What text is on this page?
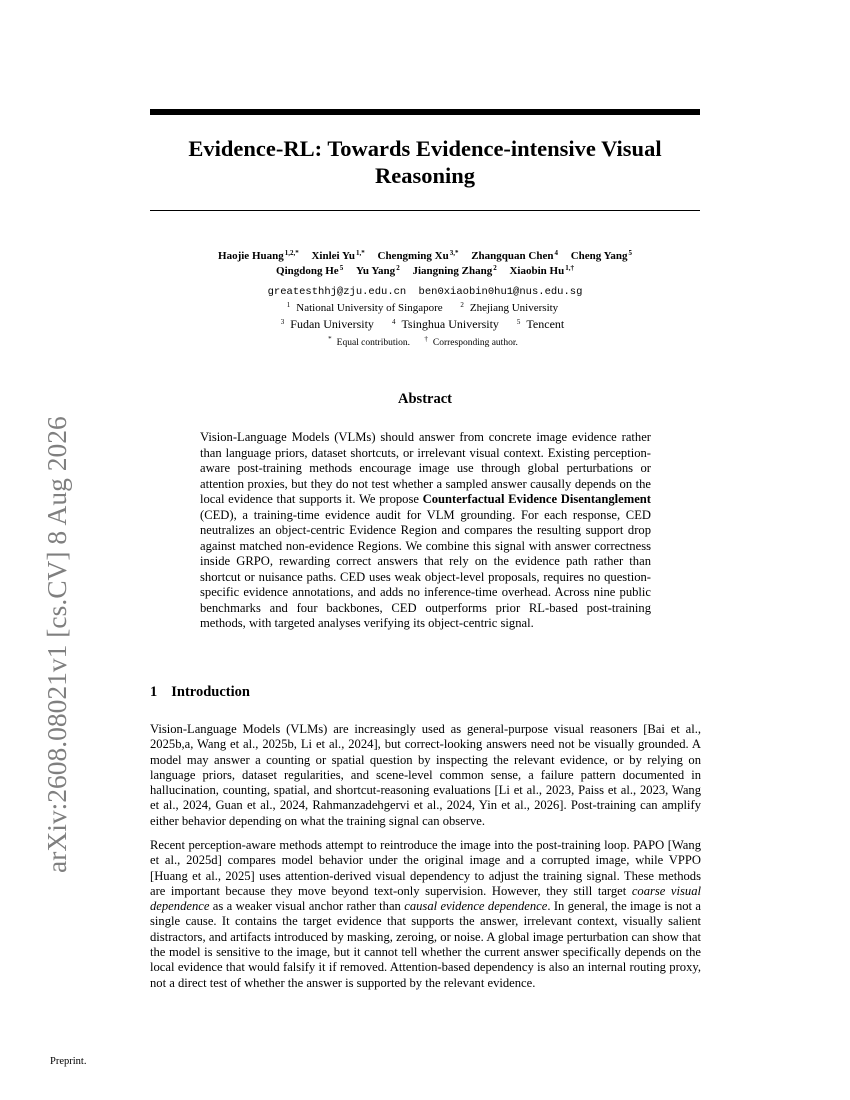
Evidence-RL: Towards Evidence-intensive Visual Reasoning
Haojie Huang$^{1,2,*}$ Xinlei $Yu^{1,*}$ Chengming $Xu^{3,*}$ Zhangquan Chen$^4$ Cheng Yang$^5$
Qingdong He$^5$ Yu Yang$^2$ Jiangning Zhang$^2$ Xiaobin $Hu^{1,\dagger}$
greatesthhj@zju.edu.cn ben0xiaobin0hu1@nus.edu.sg
$^1$ National University of Singapore	$^2$ Zhejiang University
$^3$ Fudan University	$^4$ Tsinghua University	$^5$ Tencent
* Equal contribution. † Corresponding author.
Abstract

Vision-Language Models (VLMs) should answer from concrete image evidence rather than language priors, dataset shortcuts, or irrelevant visual context. Existing perception-aware post-training methods encourage image use through global perturbations or attention proxies, but they do not test whether a sampled answer causally depends on the local evidence that supports it. We propose Counterfactual Evidence Disentanglement (CED), a training-time evidence audit for VLM grounding. For each response, CED neutralizes an object-centric Evidence Region and compares the resulting support drop against matched non-evidence Regions. We combine this signal with answer correctness inside GRPO, rewarding correct answers that rely on the evidence path rather than shortcut or nuisance paths. CED uses weak object-level proposals, requires no question-specific evidence annotations, and adds no inference-time overhead. Across nine public benchmarks and four backbones, CED outperforms prior RL-based post-training methods, with targeted analyses verifying its object-centric signal.

1 Introduction

Vision-Language Models (VLMs) are increasingly used as general-purpose visual reasoners [Bai et al., 2025b,a, Wang et al., 2025b, Li et al., 2024], but correct-looking answers need not be visually grounded. A model may answer a counting or spatial question by inspecting the relevant evidence, or by relying on language priors, dataset regularities, and scene-level common sense, a failure pattern documented in hallucination, counting, spatial, and shortcut-reasoning evaluations [Li et al., 2023, Paiss et al., 2023, Wang et al., 2024, Guan et al., 2024, Rahmanzadehgervi et al., 2024, Yin et al., 2026]. Post-training can amplify either behavior depending on what the training signal can observe.

Recent perception-aware methods attempt to reintroduce the image into the post-training loop. PAPO [Wang et al., 2025d] compares model behavior under the original image and a corrupted image, while VPPO [Huang et al., 2025] uses attention-derived visual dependency to adjust the training signal. These methods are important because they move beyond text-only supervision. However, they still target coarse visual dependence as a weaker visual anchor rather than causal evidence dependence. In general, the image is not a single cause. It contains the target evidence that supports the answer, irrelevant context, visually salient distractors, and artifacts introduced by masking, zeroing, or noise. A global image perturbation can show that the model is sensitive to the image, but it cannot tell whether the current answer specifically depends on the local evidence that would falsify it if removed. Attention-based dependency is also an internal routing proxy, not a direct test of whether the answer is supported by the relevant evidence.

arXiv:2608.08021v1 [cs.CV] 8 Aug 2026
Preprint.
